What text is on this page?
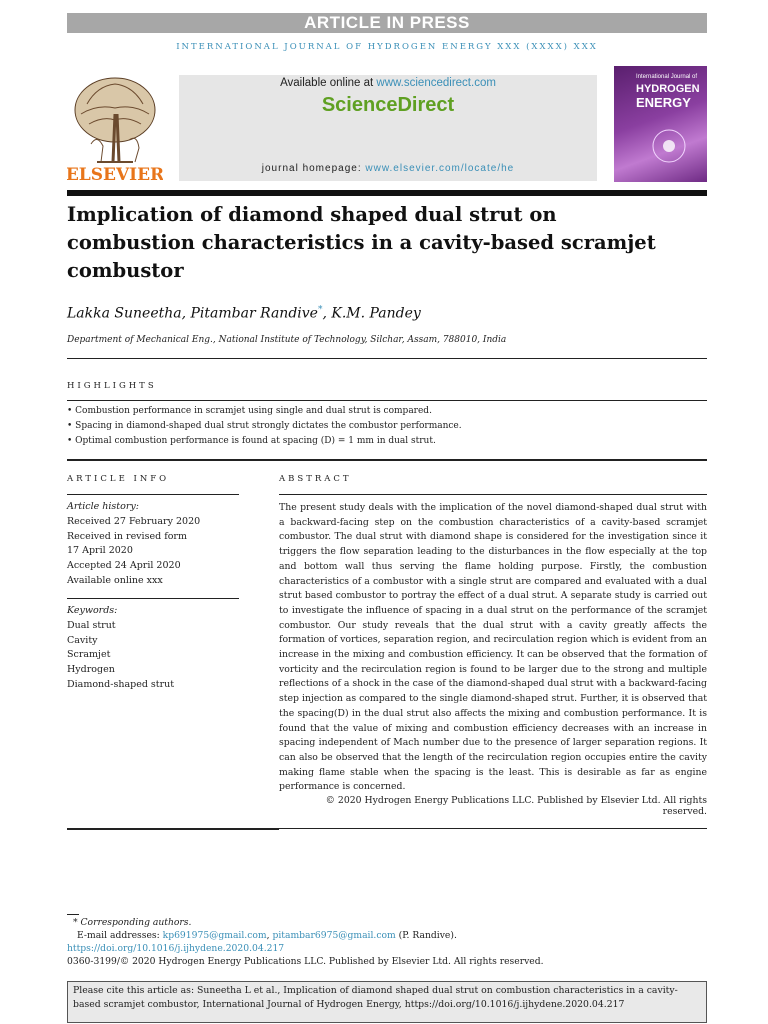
ARTICLE IN PRESS
INTERNATIONAL JOURNAL OF HYDROGEN ENERGY XXX (XXXX) XXX
ELSEVIER
Available online at www.sciencedirect.com
ScienceDirect
journal homepage: www.elsevier.com/locate/he
International Journal of
HYDROGEN
ENERGY
Implication of diamond shaped dual strut on combustion characteristics in a cavity-based scramjet combustor
Lakka Suneetha, Pitambar Randive*, K.M. Pandey
Department of Mechanical Eng., National Institute of Technology, Silchar, Assam, 788010, India
HIGHLIGHTS
• Combustion performance in scramjet using single and dual strut is compared.
• Spacing in diamond-shaped dual strut strongly dictates the combustor performance.
• Optimal combustion performance is found at spacing (D) = 1 mm in dual strut.
ARTICLE INFO
Article history:
Received 27 February 2020
Received in revised form
17 April 2020
Accepted 24 April 2020
Available online xxx
Keywords:
Dual strut
Cavity
Scramjet
Hydrogen
Diamond-shaped strut
ABSTRACT
The present study deals with the implication of the novel diamond-shaped dual strut with a backward-facing step on the combustion characteristics of a cavity-based scramjet combustor. The dual strut with diamond shape is considered for the investigation since it triggers the flow separation leading to the disturbances in the flow especially at the top and bottom wall thus serving the flame holding purpose. Firstly, the combustion characteristics of a combustor with a single strut are compared and evaluated with a dual strut based combustor to portray the effect of a dual strut. A separate study is carried out to investigate the influence of spacing in a dual strut on the performance of the scramjet combustor. Our study reveals that the dual strut with a cavity greatly affects the formation of vortices, separation region, and recirculation region which is evident from an increase in the mixing and combustion efficiency. It can be observed that the formation of vorticity and the recirculation region is found to be larger due to the strong and multiple reflections of a shock in the case of the diamond-shaped dual strut with a backward-facing step injection as compared to the single diamond-shaped strut. Further, it is observed that the spacing(D) in the dual strut also affects the mixing and combustion performance. It is found that the value of mixing and combustion efficiency decreases with an increase in spacing independent of Mach number due to the presence of larger separation regions. It can also be observed that the length of the recirculation region occupies entire the cavity making flame stable when the spacing is the least. This is desirable as far as engine performance is concerned.
© 2020 Hydrogen Energy Publications LLC. Published by Elsevier Ltd. All rights reserved.
* Corresponding authors.
E-mail addresses: kp691975@gmail.com, pitambar6975@gmail.com (P. Randive).
https://doi.org/10.1016/j.ijhydene.2020.04.217
0360-3199/© 2020 Hydrogen Energy Publications LLC. Published by Elsevier Ltd. All rights reserved.
Please cite this article as: Suneetha L et al., Implication of diamond shaped dual strut on combustion characteristics in a cavity-based scramjet combustor, International Journal of Hydrogen Energy, https://doi.org/10.1016/j.ijhydene.2020.04.217
